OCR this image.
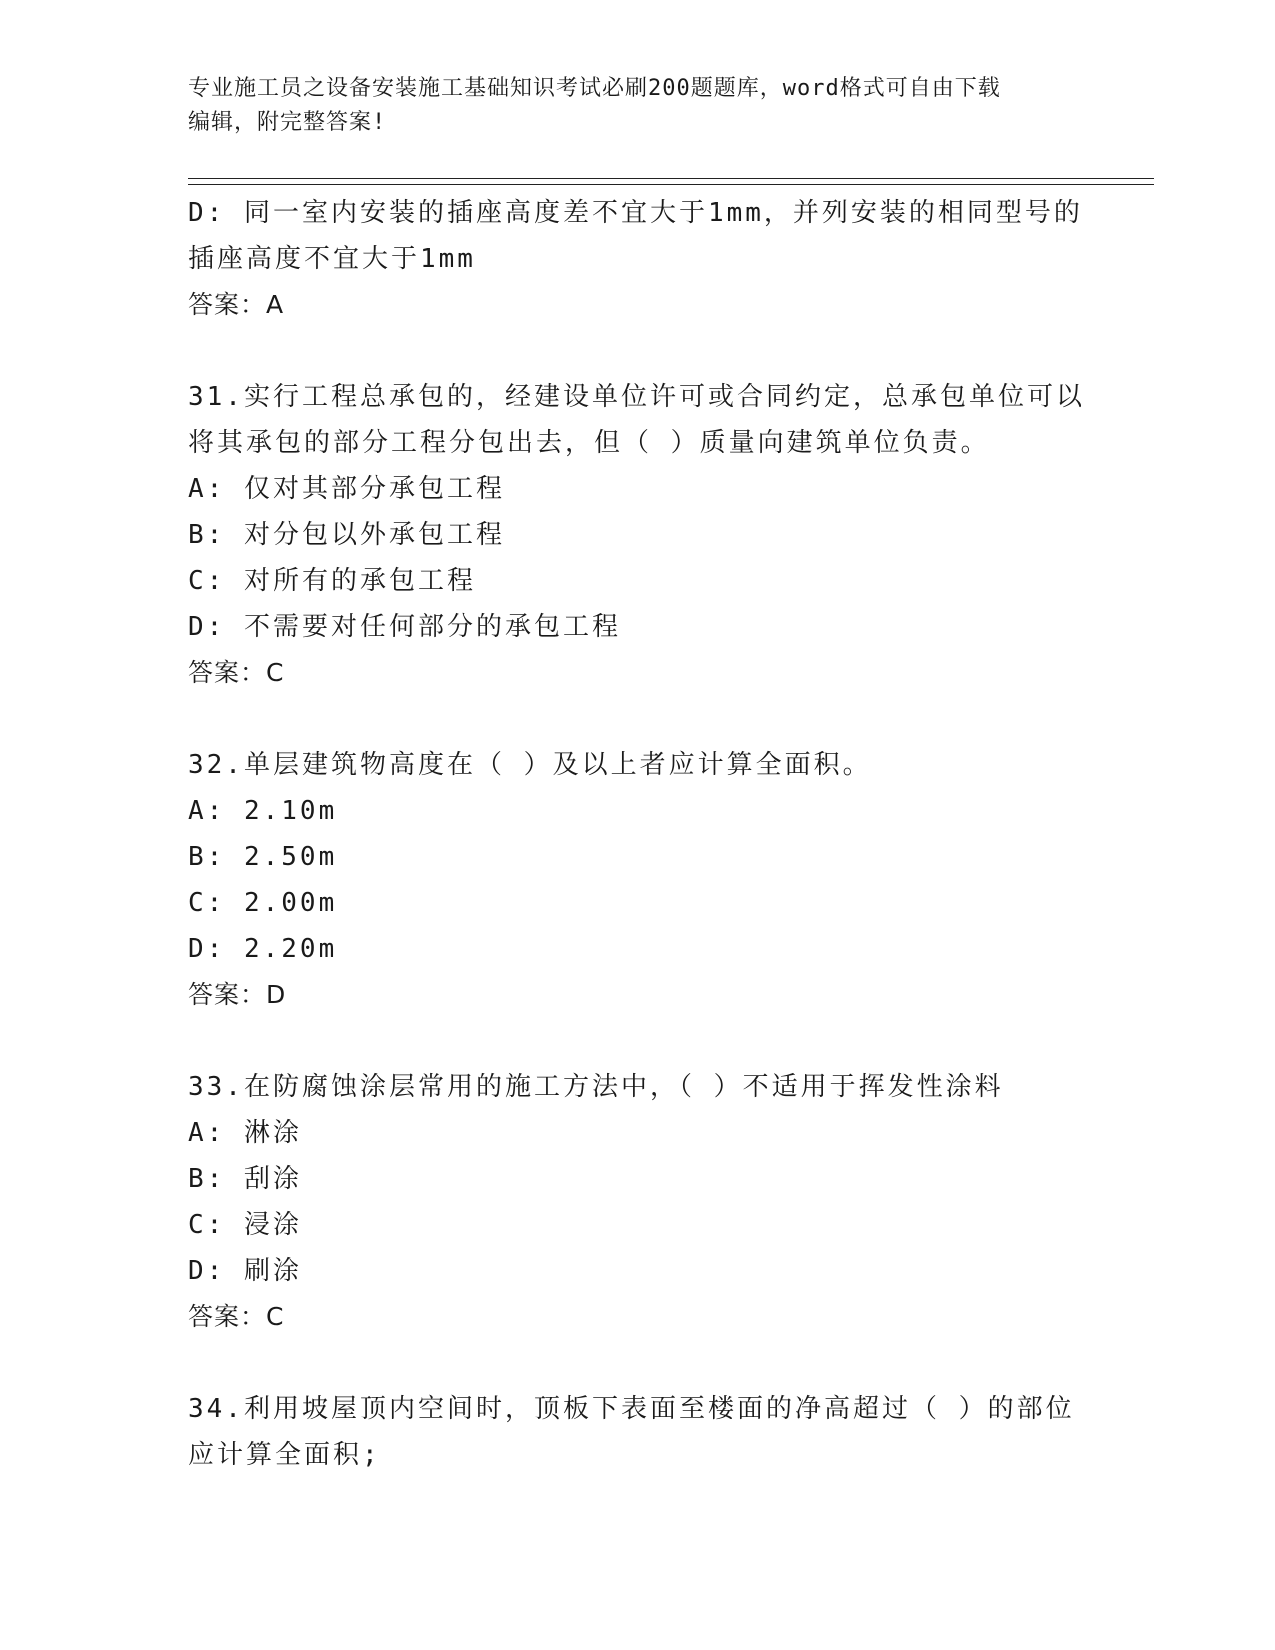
专业施工员之设备安装施工基础知识考试必刷200题题库，word格式可自由下载
编辑，附完整答案!
D: 同一室内安装的插座高度差不宜大于1mm，并列安装的相同型号的
插座高度不宜大于1mm
答案：A
31.实行工程总承包的，经建设单位许可或合同约定，总承包单位可以
将其承包的部分工程分包出去，但（ ）质量向建筑单位负责。
A: 仅对其部分承包工程
B: 对分包以外承包工程
C: 对所有的承包工程
D: 不需要对任何部分的承包工程
答案：C
32.单层建筑物高度在（ ）及以上者应计算全面积。
A: 2.10m
B: 2.50m
C: 2.00m
D: 2.20m
答案：D
33.在防腐蚀涂层常用的施工方法中，（ ）不适用于挥发性涂料
A: 淋涂
B: 刮涂
C: 浸涂
D: 刷涂
答案：C
34.利用坡屋顶内空间时，顶板下表面至楼面的净高超过（ ）的部位
应计算全面积;
